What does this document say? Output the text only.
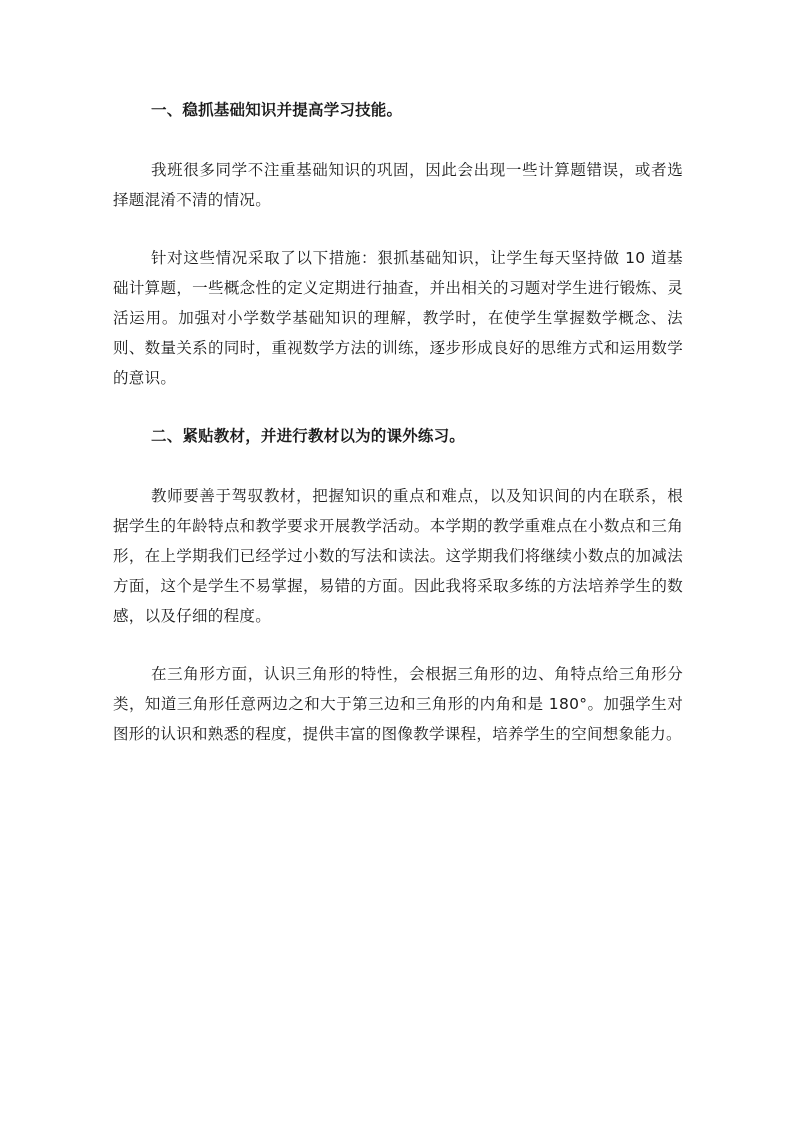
一、稳抓基础知识并提高学习技能。

我班很多同学不注重基础知识的巩固，因此会出现一些计算题错误，或者选择题混淆不清的情况。

针对这些情况采取了以下措施：狠抓基础知识，让学生每天坚持做 10 道基础计算题，一些概念性的定义定期进行抽查，并出相关的习题对学生进行锻炼、灵活运用。加强对小学数学基础知识的理解，教学时，在使学生掌握数学概念、法则、数量关系的同时，重视数学方法的训练，逐步形成良好的思维方式和运用数学的意识。

二、紧贴教材，并进行教材以为的课外练习。

教师要善于驾驭教材，把握知识的重点和难点，以及知识间的内在联系，根据学生的年龄特点和教学要求开展教学活动。本学期的教学重难点在小数点和三角形，在上学期我们已经学过小数的写法和读法。这学期我们将继续小数点的加减法方面，这个是学生不易掌握，易错的方面。因此我将采取多练的方法培养学生的数感，以及仔细的程度。

在三角形方面，认识三角形的特性，会根据三角形的边、角特点给三角形分类，知道三角形任意两边之和大于第三边和三角形的内角和是 180°。加强学生对图形的认识和熟悉的程度，提供丰富的图像教学课程，培养学生的空间想象能力。
